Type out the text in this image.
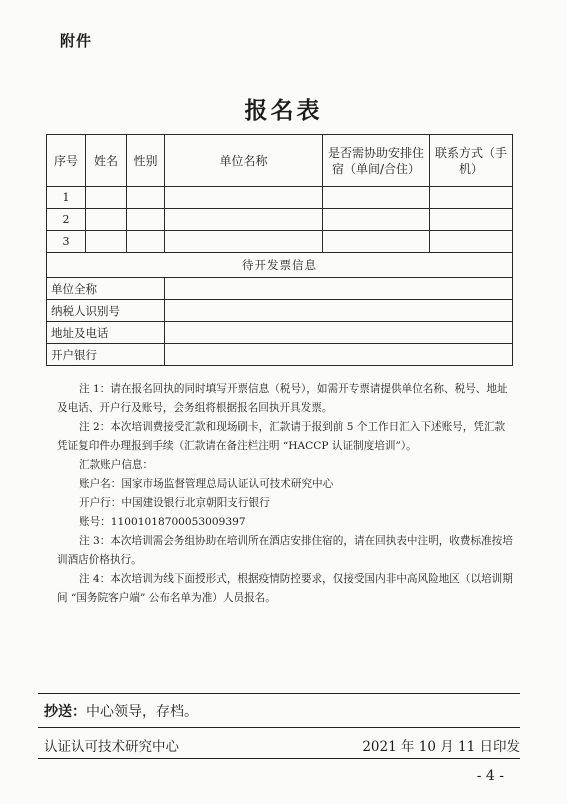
附件
报名表
序号	姓名	性别	单位名称	是否需协助安排住宿（单间/合住）	联系方式（手机）
1					
2					
3					
待开发票信息					
单位全称					
纳税人识别号					
地址及电话					
开户银行					

注 1：请在报名回执的同时填写开票信息（税号），如需开专票请提供单位名称、税号、地址及电话、开户行及账号，会务组将根据报名回执开具发票。

注 2：本次培训费接受汇款和现场刷卡，汇款请于报到前 5 个工作日汇入下述账号，凭汇款凭证复印件办理报到手续（汇款请在备注栏注明 “HACCP 认证制度培训”）。

汇款账户信息：

账户名：国家市场监督管理总局认证认可技术研究中心

开户行：中国建设银行北京朝阳支行银行

账号：11001018700053009397

注 3：本次培训需会务组协助在培训所在酒店安排住宿的，请在回执表中注明，收费标准按培训酒店价格执行。

注 4：本次培训为线下面授形式，根据疫情防控要求，仅接受国内非中高风险地区（以培训期间 “国务院客户端” 公布名单为准）人员报名。

抄送：中心领导，存档。
认证认可技术研究中心	2021 年 10 月 11 日印发
- 4 -
